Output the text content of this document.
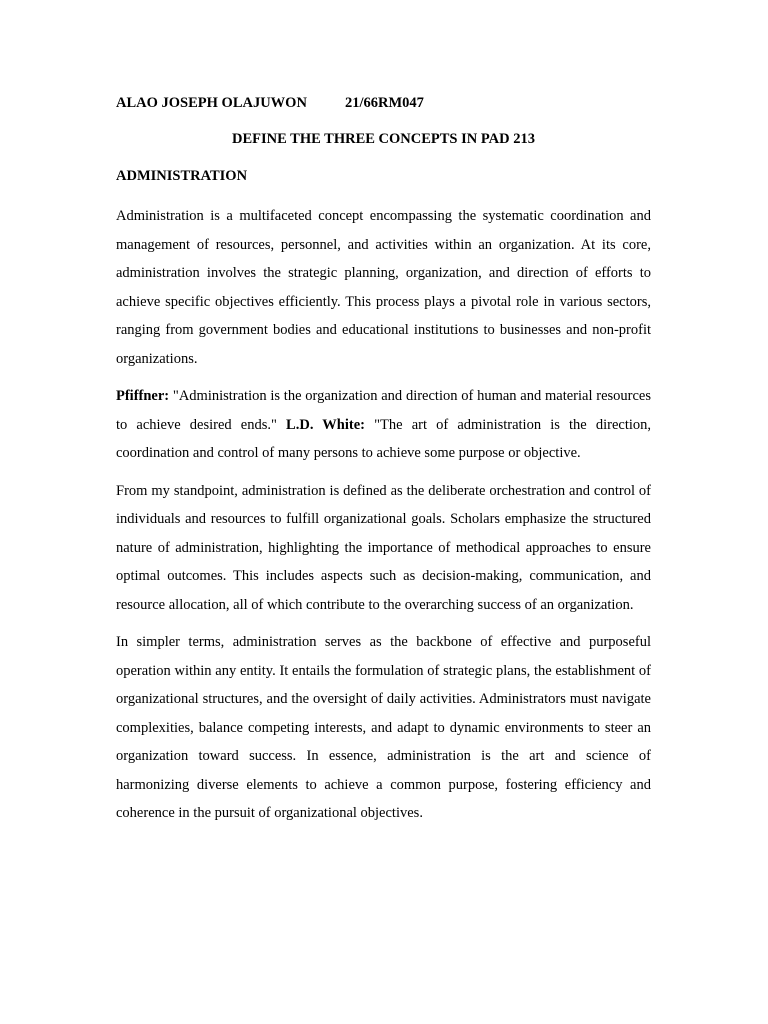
ALAO JOSEPH OLAJUWON	21/66RM047
DEFINE THE THREE CONCEPTS IN PAD 213
ADMINISTRATION

Administration is a multifaceted concept encompassing the systematic coordination and management of resources, personnel, and activities within an organization. At its core, administration involves the strategic planning, organization, and direction of efforts to achieve specific objectives efficiently. This process plays a pivotal role in various sectors, ranging from government bodies and educational institutions to businesses and non-profit organizations.

Pfiffner: "Administration is the organization and direction of human and material resources to achieve desired ends." L.D. White: "The art of administration is the direction, coordination and control of many persons to achieve some purpose or objective.

From my standpoint, administration is defined as the deliberate orchestration and control of individuals and resources to fulfill organizational goals. Scholars emphasize the structured nature of administration, highlighting the importance of methodical approaches to ensure optimal outcomes. This includes aspects such as decision-making, communication, and resource allocation, all of which contribute to the overarching success of an organization.

In simpler terms, administration serves as the backbone of effective and purposeful operation within any entity. It entails the formulation of strategic plans, the establishment of organizational structures, and the oversight of daily activities. Administrators must navigate complexities, balance competing interests, and adapt to dynamic environments to steer an organization toward success. In essence, administration is the art and science of harmonizing diverse elements to achieve a common purpose, fostering efficiency and coherence in the pursuit of organizational objectives.
